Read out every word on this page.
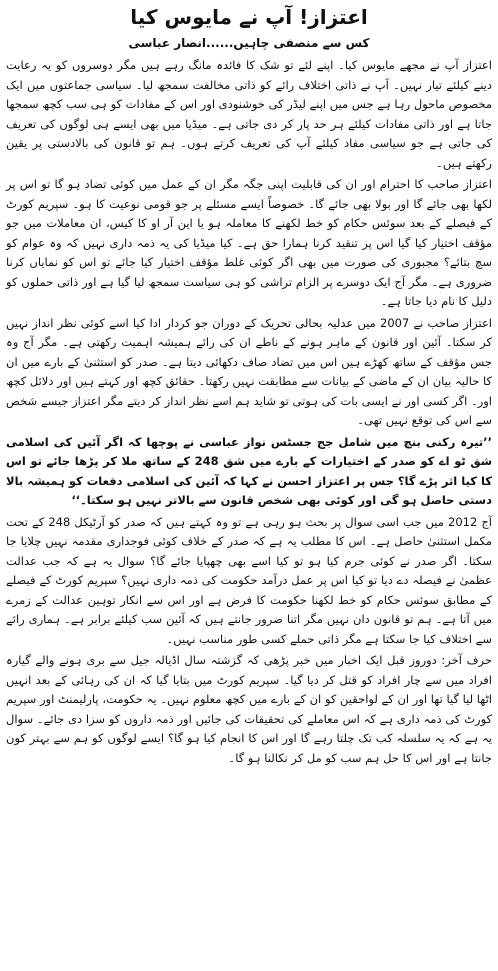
اعتزاز! آپ نے مایوس کیا
کس سے منصفی چاہیں......انصار عباسی

اعتزاز آپ نے مجھے مایوس کیا۔ اپنے لئے تو شک کا فائدہ مانگ رہے ہیں مگر دوسروں کو یہ رعایت دینے کیلئے تیار نہیں۔ آپ نے ذاتی اختلاف رائے کو ذاتی مخالفت سمجھ لیا۔ سیاسی جماعتوں میں ایک مخصوص ماحول رہا ہے جس میں اپنے لیڈر کی خوشنودی اور اس کے مفادات کو ہی سب کچھ سمجھا جاتا ہے اور ذاتی مفادات کیلئے ہر حد پار کر دی جاتی ہے۔ میڈیا میں بھی ایسے ہی لوگوں کی تعریف کی جاتی ہے جو سیاسی مفاد کیلئے آپ کی تعریف کرتے ہوں۔ ہم تو قانون کی بالادستی پر یقین رکھتے ہیں۔

اعتزاز صاحب کا احترام اور ان کی قابلیت اپنی جگہ مگر ان کے عمل میں کوئی تضاد ہو گا تو اس پر لکھا بھی جائے گا اور بولا بھی جائے گا۔ خصوصاً ایسے مسئلے پر جو قومی نوعیت کا ہو۔ سپریم کورٹ کے فیصلے کے بعد سوئس حکام کو خط لکھنے کا معاملہ ہو یا این آر او کا کیس، ان معاملات میں جو مؤقف اختیار کیا گیا اس پر تنقید کرنا ہمارا حق ہے۔ کیا میڈیا کی یہ ذمہ داری نہیں کہ وہ عوام کو سچ بتائے؟ مجبوری کی صورت میں بھی اگر کوئی غلط مؤقف اختیار کیا جائے تو اس کو نمایاں کرنا ضروری ہے۔ مگر آج ایک دوسرے پر الزام تراشی کو ہی سیاست سمجھ لیا گیا ہے اور ذاتی حملوں کو دلیل کا نام دیا جاتا ہے۔

اعتزاز صاحب نے 2007 میں عدلیہ بحالی تحریک کے دوران جو کردار ادا کیا اسے کوئی نظر انداز نہیں کر سکتا۔ آئین اور قانون کے ماہر ہونے کے ناطے ان کی رائے ہمیشہ اہمیت رکھتی ہے۔ مگر آج وہ جس مؤقف کے ساتھ کھڑے ہیں اس میں تضاد صاف دکھائی دیتا ہے۔ صدر کو استثنیٰ کے بارے میں ان کا حالیہ بیان ان کے ماضی کے بیانات سے مطابقت نہیں رکھتا۔ حقائق کچھ اور کہتے ہیں اور دلائل کچھ اور۔ اگر کسی اور نے ایسی بات کی ہوتی تو شاید ہم اسے نظر انداز کر دیتے مگر اعتزاز جیسے شخص سے اس کی توقع نہیں تھی۔

’’تیرہ رکنی بنچ میں شامل جج جسٹس نواز عباسی نے پوچھا کہ اگر آئین کی اسلامی شق ٹو اے کو صدر کے اختیارات کے بارے میں شق 248 کے ساتھ ملا کر پڑھا جائے تو اس کا کیا اثر پڑے گا؟ جس پر اعتزاز احسن نے کہا کہ آئین کی اسلامی دفعات کو ہمیشہ بالا دستی حاصل ہو گی اور کوئی بھی شخص قانون سے بالاتر نہیں ہو سکتا۔‘‘

آج 2012 میں جب اسی سوال پر بحث ہو رہی ہے تو وہ کہتے ہیں کہ صدر کو آرٹیکل 248 کے تحت مکمل استثنیٰ حاصل ہے۔ اس کا مطلب یہ ہے کہ صدر کے خلاف کوئی فوجداری مقدمہ نہیں چلایا جا سکتا۔ اگر صدر نے کوئی جرم کیا ہو تو کیا اسے بھی چھپایا جائے گا؟ سوال یہ ہے کہ جب عدالت عظمیٰ نے فیصلہ دے دیا تو کیا اس پر عمل درآمد حکومت کی ذمہ داری نہیں؟ سپریم کورٹ کے فیصلے کے مطابق سوئس حکام کو خط لکھنا حکومت کا فرض ہے اور اس سے انکار توہین عدالت کے زمرے میں آتا ہے۔ ہم تو قانون دان نہیں مگر اتنا ضرور جانتے ہیں کہ آئین سب کیلئے برابر ہے۔ ہماری رائے سے اختلاف کیا جا سکتا ہے مگر ذاتی حملے کسی طور مناسب نہیں۔

حرف آخر: دوروز قبل ایک اخبار میں خبر پڑھی کہ گزشتہ سال اڈیالہ جیل سے بری ہونے والے گیارہ افراد میں سے چار افراد کو قتل کر دیا گیا۔ سپریم کورٹ میں بتایا گیا کہ ان کی رہائی کے بعد انہیں اٹھا لیا گیا تھا اور ان کے لواحقین کو ان کے بارے میں کچھ معلوم نہیں۔ یہ حکومت، پارلیمنٹ اور سپریم کورٹ کی ذمہ داری ہے کہ اس معاملے کی تحقیقات کی جائیں اور ذمہ داروں کو سزا دی جائے۔ سوال یہ ہے کہ یہ سلسلہ کب تک چلتا رہے گا اور اس کا انجام کیا ہو گا؟ ایسے لوگوں کو ہم سے بہتر کون جانتا ہے اور اس کا حل ہم سب کو مل کر نکالنا ہو گا۔
